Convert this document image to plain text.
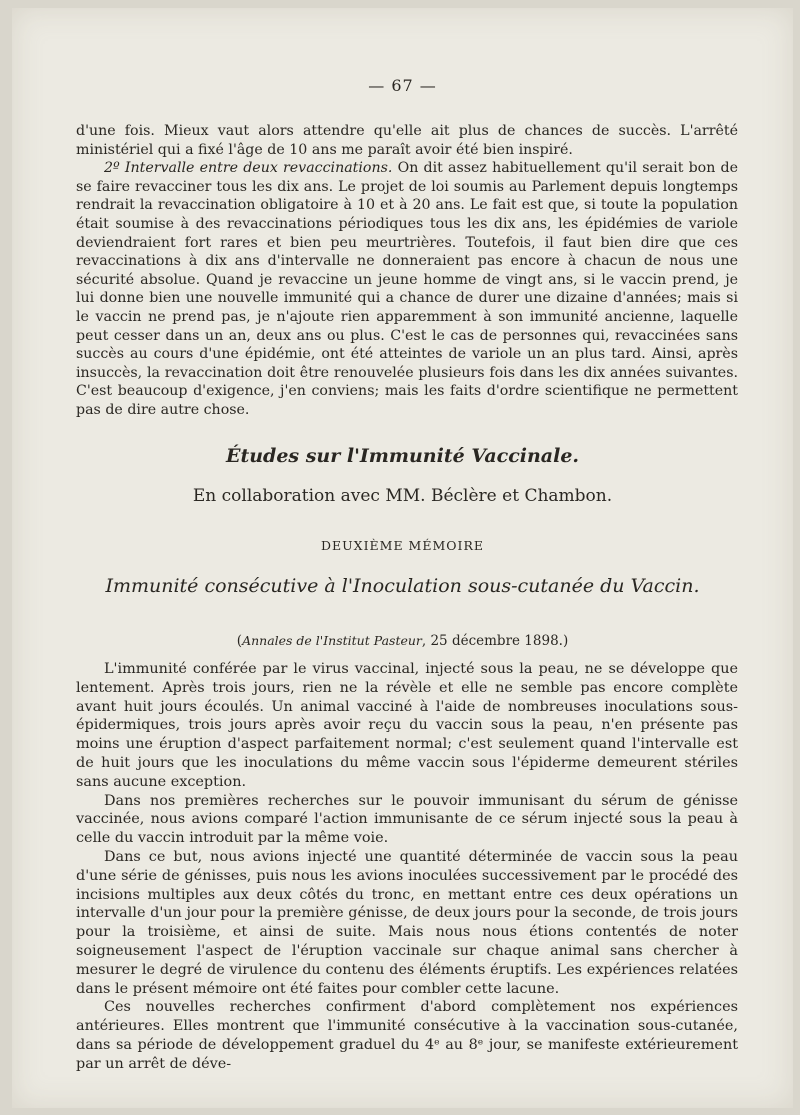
— 67 —

d'une fois. Mieux vaut alors attendre qu'elle ait plus de chances de succès. L'arrêté ministériel qui a fixé l'âge de 10 ans me paraît avoir été bien inspiré.

2º Intervalle entre deux revaccinations. On dit assez habituellement qu'il serait bon de se faire revacciner tous les dix ans. Le projet de loi soumis au Parlement depuis longtemps rendrait la revaccination obligatoire à 10 et à 20 ans. Le fait est que, si toute la population était soumise à des revaccinations périodiques tous les dix ans, les épidémies de variole deviendraient fort rares et bien peu meurtrières. Toutefois, il faut bien dire que ces revaccinations à dix ans d'intervalle ne donneraient pas encore à chacun de nous une sécurité absolue. Quand je revaccine un jeune homme de vingt ans, si le vaccin prend, je lui donne bien une nouvelle immunité qui a chance de durer une dizaine d'années; mais si le vaccin ne prend pas, je n'ajoute rien apparemment à son immunité ancienne, laquelle peut cesser dans un an, deux ans ou plus. C'est le cas de personnes qui, revaccinées sans succès au cours d'une épidémie, ont été atteintes de variole un an plus tard. Ainsi, après insuccès, la revaccination doit être renouvelée plusieurs fois dans les dix années suivantes. C'est beaucoup d'exigence, j'en conviens; mais les faits d'ordre scientifique ne permettent pas de dire autre chose.

Études sur l'Immunité Vaccinale.
En collaboration avec MM. Béclère et Chambon.
DEUXIÈME MÉMOIRE
Immunité consécutive à l'Inoculation sous-cutanée du Vaccin.
(Annales de l'Institut Pasteur, 25 décembre 1898.)

L'immunité conférée par le virus vaccinal, injecté sous la peau, ne se développe que lentement. Après trois jours, rien ne la révèle et elle ne semble pas encore complète avant huit jours écoulés. Un animal vacciné à l'aide de nombreuses inoculations sous-épidermiques, trois jours après avoir reçu du vaccin sous la peau, n'en présente pas moins une éruption d'aspect parfaitement normal; c'est seulement quand l'intervalle est de huit jours que les inoculations du même vaccin sous l'épiderme demeurent stériles sans aucune exception.

Dans nos premières recherches sur le pouvoir immunisant du sérum de génisse vaccinée, nous avions comparé l'action immunisante de ce sérum injecté sous la peau à celle du vaccin introduit par la même voie.

Dans ce but, nous avions injecté une quantité déterminée de vaccin sous la peau d'une série de génisses, puis nous les avions inoculées successivement par le procédé des incisions multiples aux deux côtés du tronc, en mettant entre ces deux opérations un intervalle d'un jour pour la première génisse, de deux jours pour la seconde, de trois jours pour la troisième, et ainsi de suite. Mais nous nous étions contentés de noter soigneusement l'aspect de l'éruption vaccinale sur chaque animal sans chercher à mesurer le degré de virulence du contenu des éléments éruptifs. Les expériences relatées dans le présent mémoire ont été faites pour combler cette lacune.

Ces nouvelles recherches confirment d'abord complètement nos expériences antérieures. Elles montrent que l'immunité consécutive à la vaccination sous-cutanée, dans sa période de développement graduel du 4ᵉ au 8ᵉ jour, se manifeste extérieurement par un arrêt de déve-
